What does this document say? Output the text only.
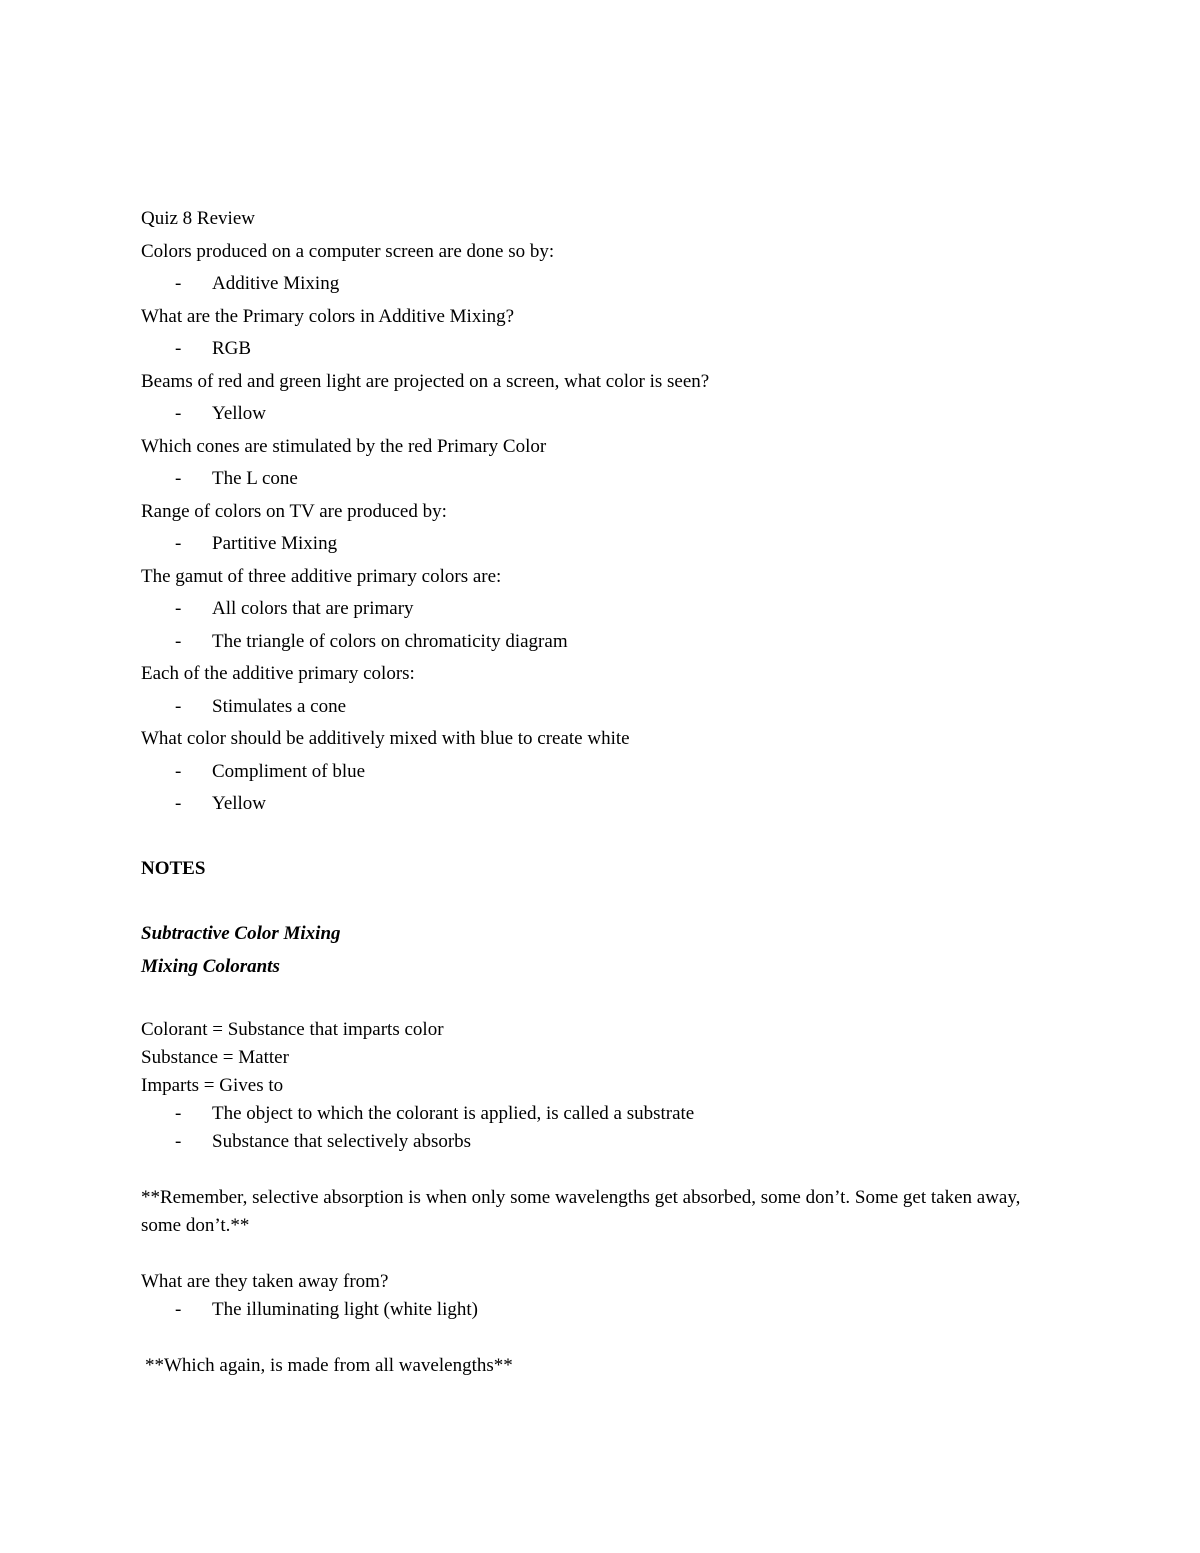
Quiz 8 Review
Colors produced on a computer screen are done so by:
- Additive Mixing
What are the Primary colors in Additive Mixing?
- RGB
Beams of red and green light are projected on a screen, what color is seen?
- Yellow
Which cones are stimulated by the red Primary Color
- The L cone
Range of colors on TV are produced by:
- Partitive Mixing
The gamut of three additive primary colors are:
- All colors that are primary
- The triangle of colors on chromaticity diagram
Each of the additive primary colors:
- Stimulates a cone
What color should be additively mixed with blue to create white
- Compliment of blue
- Yellow
NOTES
Subtractive Color Mixing
Mixing Colorants
Colorant = Substance that imparts color
Substance = Matter
Imparts = Gives to
- The object to which the colorant is applied, is called a substrate
- Substance that selectively absorbs
**Remember, selective absorption is when only some wavelengths get absorbed, some don’t. Some get taken away, some don’t.**
What are they taken away from?
- The illuminating light (white light)
**Which again, is made from all wavelengths**
